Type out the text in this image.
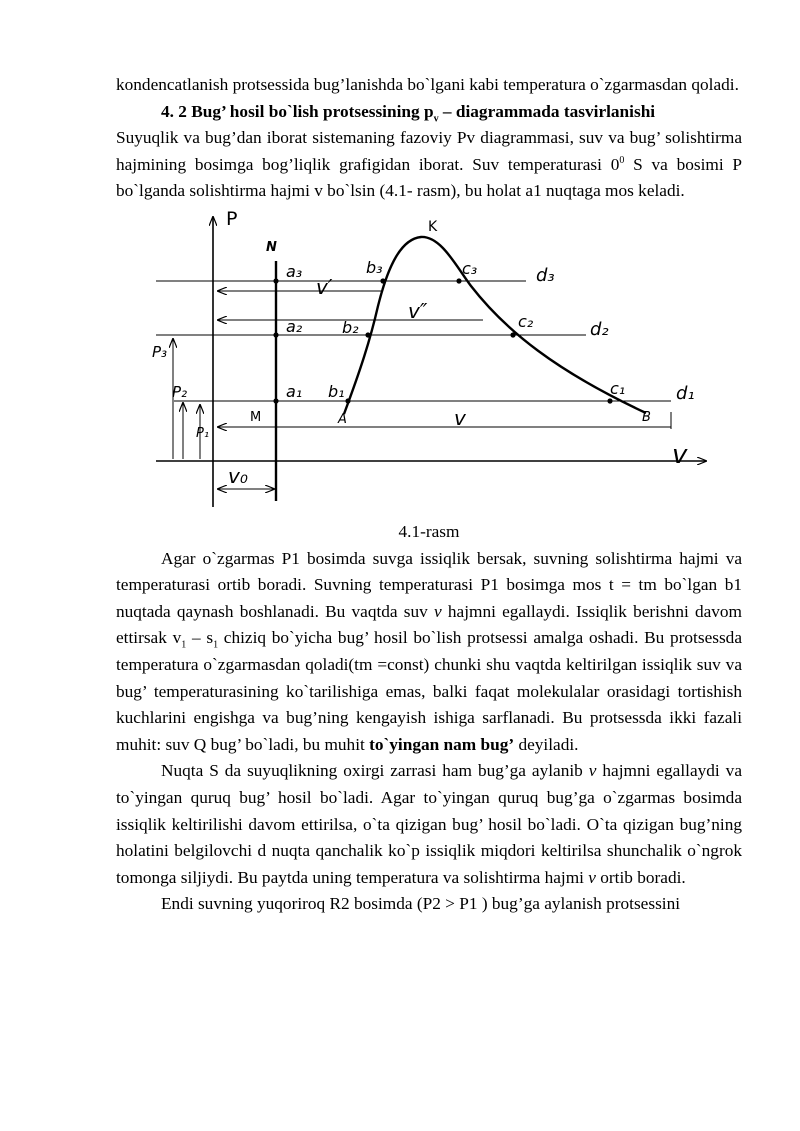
kondencatlanish protsessida bug’lanishda bo`lgani kabi temperatura o`zgarmasdan qoladi.

4. 2 Bug’ hosil bo`lish protsessining $p_v$ – diagrammada tasvirlanishi

Suyuqlik va bug’dan iborat sistemaning fazoviy Pv diagrammasi, suv va bug’ solishtirma hajmining bosimga bog’liqlik grafigidan iborat. Suv temperaturasi $0^0$ S va bosimi P bo`lganda solishtirma hajmi v bo`lsin (4.1- rasm), bu holat a1 nuqtaga mos keladi.

P
N
K
a₃
a₂
a₁
b₃
b₂
b₁
c₃
c₂
c₁
d₃
d₂
d₁
M	A	B
v′
v″
v
v₀
P₃
P₂
P₁
v

4.1-rasm

Agar o`zgarmas P1 bosimda suvga issiqlik bersak, suvning solishtirma hajmi va temperaturasi ortib boradi. Suvning temperaturasi P1 bosimga mos t = tm bo`lgan b1 nuqtada qaynash boshlanadi. Bu vaqtda suv v hajmni egallaydi. Issiqlik berishni davom ettirsak $v_1 - s_1$ chiziq bo`yicha bug’ hosil bo`lish protsessi amalga oshadi. Bu protsessda temperatura o`zgarmasdan qoladi(tm =const) chunki shu vaqtda keltirilgan issiqlik suv va bug’ temperaturasining ko`tarilishiga emas, balki faqat molekulalar orasidagi tortishish kuchlarini engishga va bug’ning kengayish ishiga sarflanadi. Bu protsessda ikki fazali muhit: suv Q bug’ bo`ladi, bu muhit to`yingan nam bug’ deyiladi.

Nuqta S da suyuqlikning oxirgi zarrasi ham bug’ga aylanib v hajmni egallaydi va to`yingan quruq bug’ hosil bo`ladi. Agar to`yingan quruq bug’ga o`zgarmas bosimda issiqlik keltirilishi davom ettirilsa, o`ta qizigan bug’ hosil bo`ladi. O`ta qizigan bug’ning holatini belgilovchi d nuqta qanchalik ko`p issiqlik miqdori keltirilsa shunchalik o`ngrok tomonga siljiydi. Bu paytda uning temperatura va solishtirma hajmi v ortib boradi.

Endi suvning yuqoriroq R2 bosimda (P2 > P1 ) bug’ga aylanish protsessini
